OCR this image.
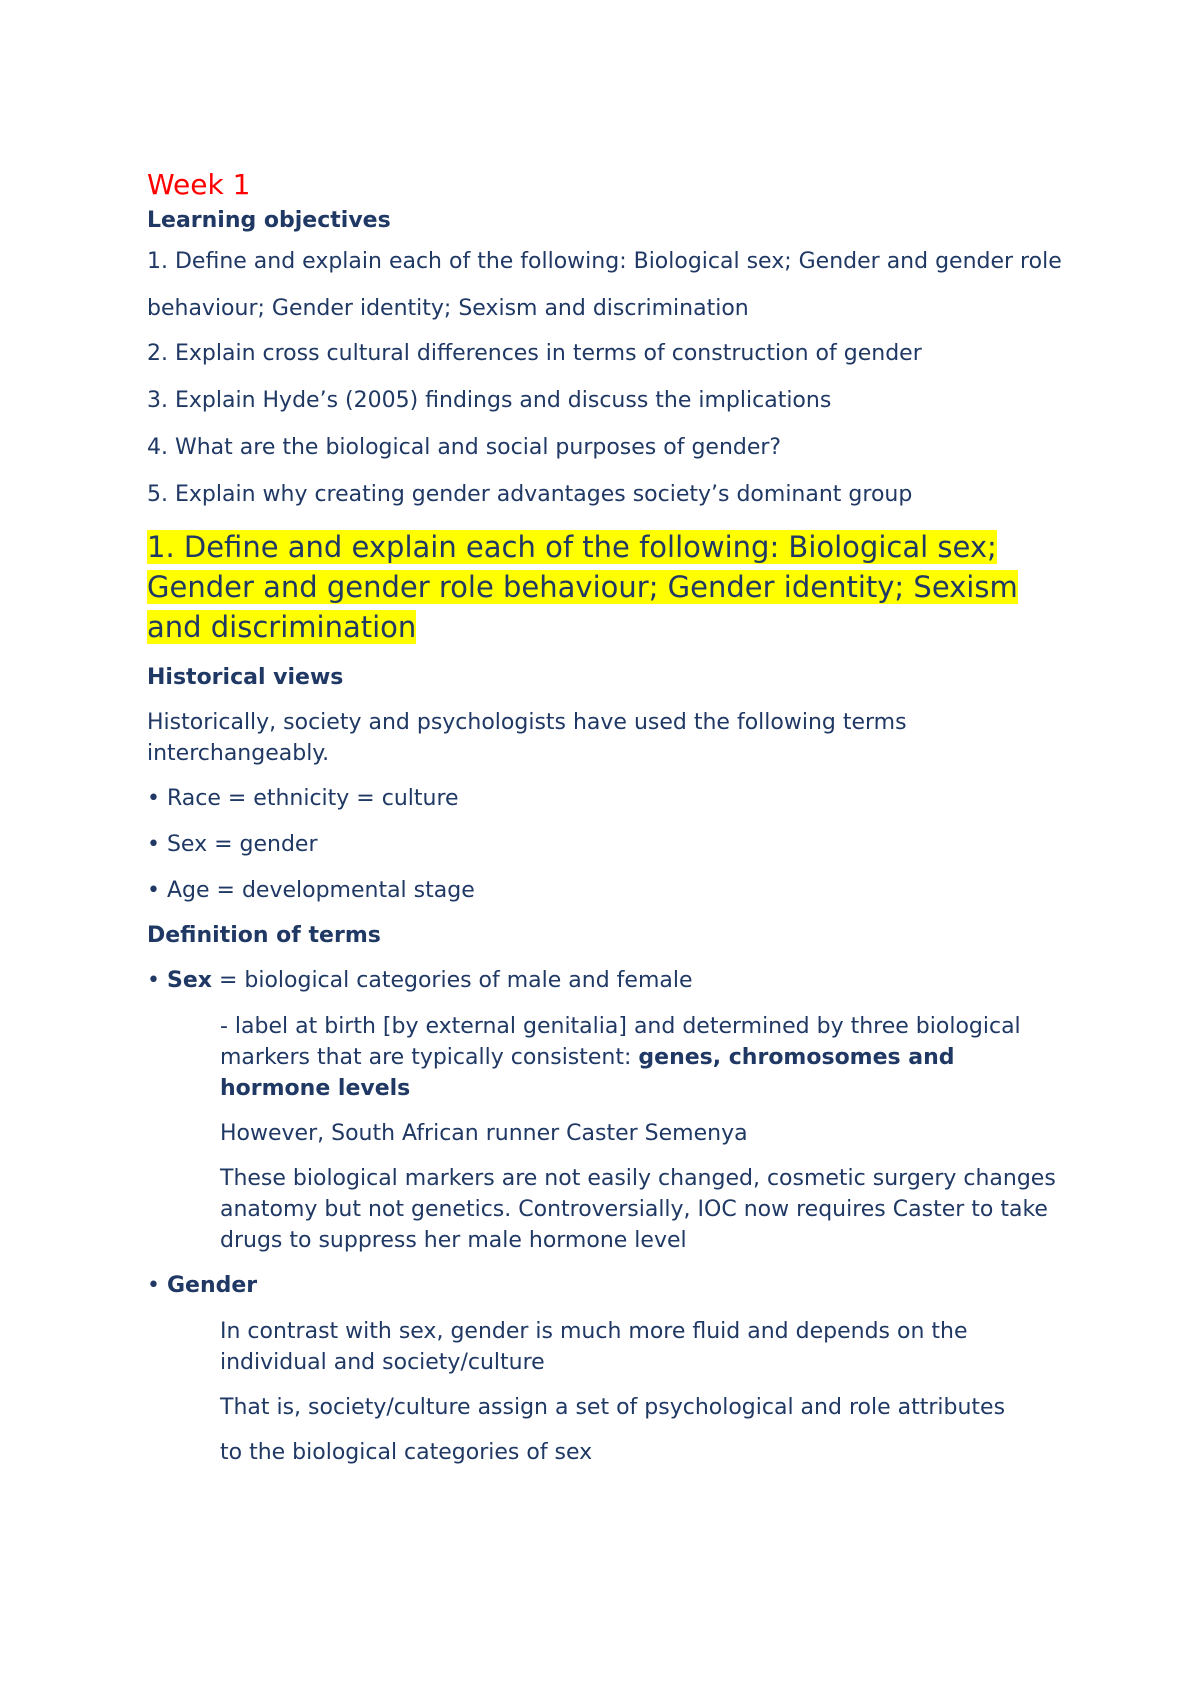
Week 1

Learning objectives

1. Define and explain each of the following: Biological sex; Gender and gender role behaviour; Gender identity; Sexism and discrimination

2. Explain cross cultural differences in terms of construction of gender

3. Explain Hyde’s (2005) findings and discuss the implications

4. What are the biological and social purposes of gender?

5. Explain why creating gender advantages society’s dominant group

1. Define and explain each of the following: Biological sex; Gender and gender role behaviour; Gender identity; Sexism and discrimination

Historical views

Historically, society and psychologists have used the following terms interchangeably.

• Race = ethnicity = culture

• Sex = gender

• Age = developmental stage

Definition of terms

• Sex = biological categories of male and female

- label at birth [by external genitalia] and determined by three biological markers that are typically consistent: genes, chromosomes and hormone levels

However, South African runner Caster Semenya

These biological markers are not easily changed, cosmetic surgery changes anatomy but not genetics. Controversially, IOC now requires Caster to take drugs to suppress her male hormone level

• Gender

In contrast with sex, gender is much more fluid and depends on the individual and society/culture

That is, society/culture assign a set of psychological and role attributes

to the biological categories of sex
